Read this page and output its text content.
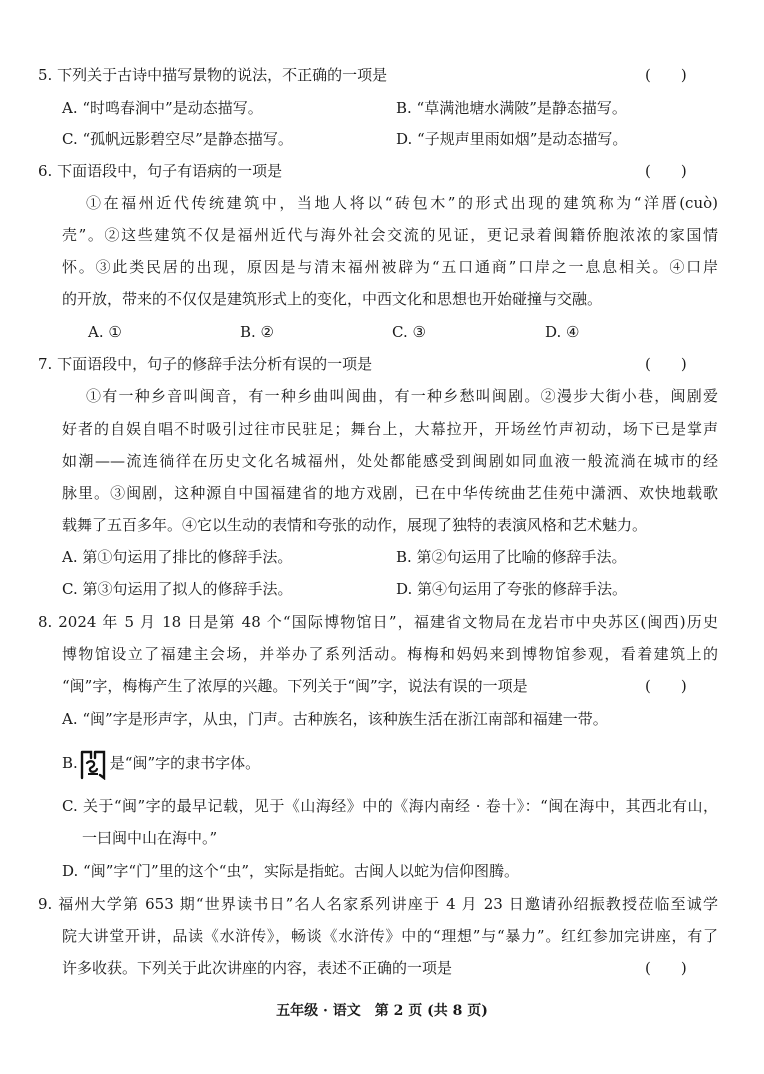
5. 下列关于古诗中描写景物的说法，不正确的一项是	(　　)
A. “时鸣春涧中”是动态描写。	B. “草满池塘水满陂”是静态描写。
C. “孤帆远影碧空尽”是静态描写。	D. “子规声里雨如烟”是动态描写。
6. 下面语段中，句子有语病的一项是	(　　)
①在福州近代传统建筑中，当地人将以“砖包木”的形式出现的建筑称为“洋厝(cuò)
壳”。②这些建筑不仅是福州近代与海外社会交流的见证，更记录着闽籍侨胞浓浓的家国情
怀。③此类民居的出现，原因是与清末福州被辟为“五口通商”口岸之一息息相关。④口岸
的开放，带来的不仅仅是建筑形式上的变化，中西文化和思想也开始碰撞与交融。
A. ①	B. ②	C. ③	D. ④
7. 下面语段中，句子的修辞手法分析有误的一项是	(　　)
①有一种乡音叫闽音，有一种乡曲叫闽曲，有一种乡愁叫闽剧。②漫步大街小巷，闽剧爱
好者的自娱自唱不时吸引过往市民驻足；舞台上，大幕拉开，开场丝竹声初动，场下已是掌声
如潮——流连徜徉在历史文化名城福州，处处都能感受到闽剧如同血液一般流淌在城市的经
脉里。③闽剧，这种源自中国福建省的地方戏剧，已在中华传统曲艺佳苑中潇洒、欢快地载歌
载舞了五百多年。④它以生动的表情和夸张的动作，展现了独特的表演风格和艺术魅力。
A. 第①句运用了排比的修辞手法。	B. 第②句运用了比喻的修辞手法。
C. 第③句运用了拟人的修辞手法。	D. 第④句运用了夸张的修辞手法。
8. 2024 年 5 月 18 日是第 48 个“国际博物馆日”，福建省文物局在龙岩市中央苏区(闽西)历史
博物馆设立了福建主会场，并举办了系列活动。梅梅和妈妈来到博物馆参观，看着建筑上的
“闽”字，梅梅产生了浓厚的兴趣。下列关于“闽”字，说法有误的一项是	(　　)
A. “闽”字是形声字，从虫，门声。古种族名，该种族生活在浙江南部和福建一带。
B. 是“闽”字的隶书字体。
C. 关于“闽”字的最早记载，见于《山海经》中的《海内南经 · 卷十》：“闽在海中，其西北有山，
一曰闽中山在海中。”
D. “闽”字“门”里的这个“虫”，实际是指蛇。古闽人以蛇为信仰图腾。
9. 福州大学第 653 期“世界读书日”名人名家系列讲座于 4 月 23 日邀请孙绍振教授莅临至诚学
院大讲堂开讲，品读《水浒传》，畅谈《水浒传》中的“理想”与“暴力”。红红参加完讲座，有了
许多收获。下列关于此次讲座的内容，表述不正确的一项是	(　　)
五年级 · 语文　第 2 页 (共 8 页)
